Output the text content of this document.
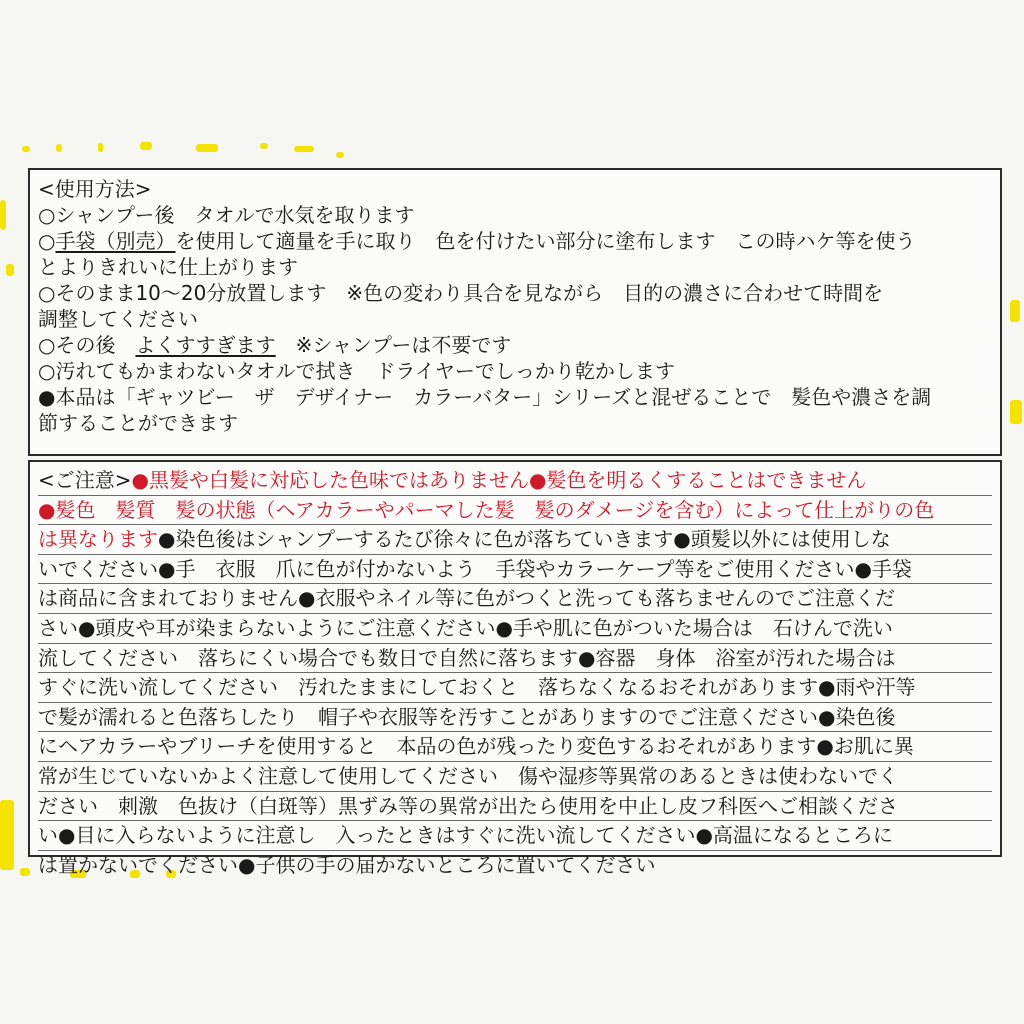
<使用方法>
○シャンプー後　タオルで水気を取ります
○手袋（別売）を使用して適量を手に取り　色を付けたい部分に塗布します　この時ハケ等を使う
とよりきれいに仕上がります
○そのまま10～20分放置します　※色の変わり具合を見ながら　目的の濃さに合わせて時間を
調整してください
○その後　よくすすぎます　※シャンプーは不要です
○汚れてもかまわないタオルで拭き　ドライヤーでしっかり乾かします
●本品は「ギャツビー　ザ　デザイナー　カラーバター」シリーズと混ぜることで　髪色や濃さを調
節することができます
<ご注意>●黒髪や白髪に対応した色味ではありません●髪色を明るくすることはできません
●髪色　髪質　髪の状態（ヘアカラーやパーマした髪　髪のダメージを含む）によって仕上がりの色
は異なります●染色後はシャンプーするたび徐々に色が落ちていきます●頭髪以外には使用しな
いでください●手　衣服　爪に色が付かないよう　手袋やカラーケープ等をご使用ください●手袋
は商品に含まれておりません●衣服やネイル等に色がつくと洗っても落ちませんのでご注意くだ
さい●頭皮や耳が染まらないようにご注意ください●手や肌に色がついた場合は　石けんで洗い
流してください　落ちにくい場合でも数日で自然に落ちます●容器　身体　浴室が汚れた場合は
すぐに洗い流してください　汚れたままにしておくと　落ちなくなるおそれがあります●雨や汗等
で髪が濡れると色落ちしたり　帽子や衣服等を汚すことがありますのでご注意ください●染色後
にヘアカラーやブリーチを使用すると　本品の色が残ったり変色するおそれがあります●お肌に異
常が生じていないかよく注意して使用してください　傷や湿疹等異常のあるときは使わないでく
ださい　刺激　色抜け（白斑等）黒ずみ等の異常が出たら使用を中止し皮フ科医へご相談くださ
い●目に入らないように注意し　入ったときはすぐに洗い流してください●高温になるところに
は置かないでください●子供の手の届かないところに置いてください
